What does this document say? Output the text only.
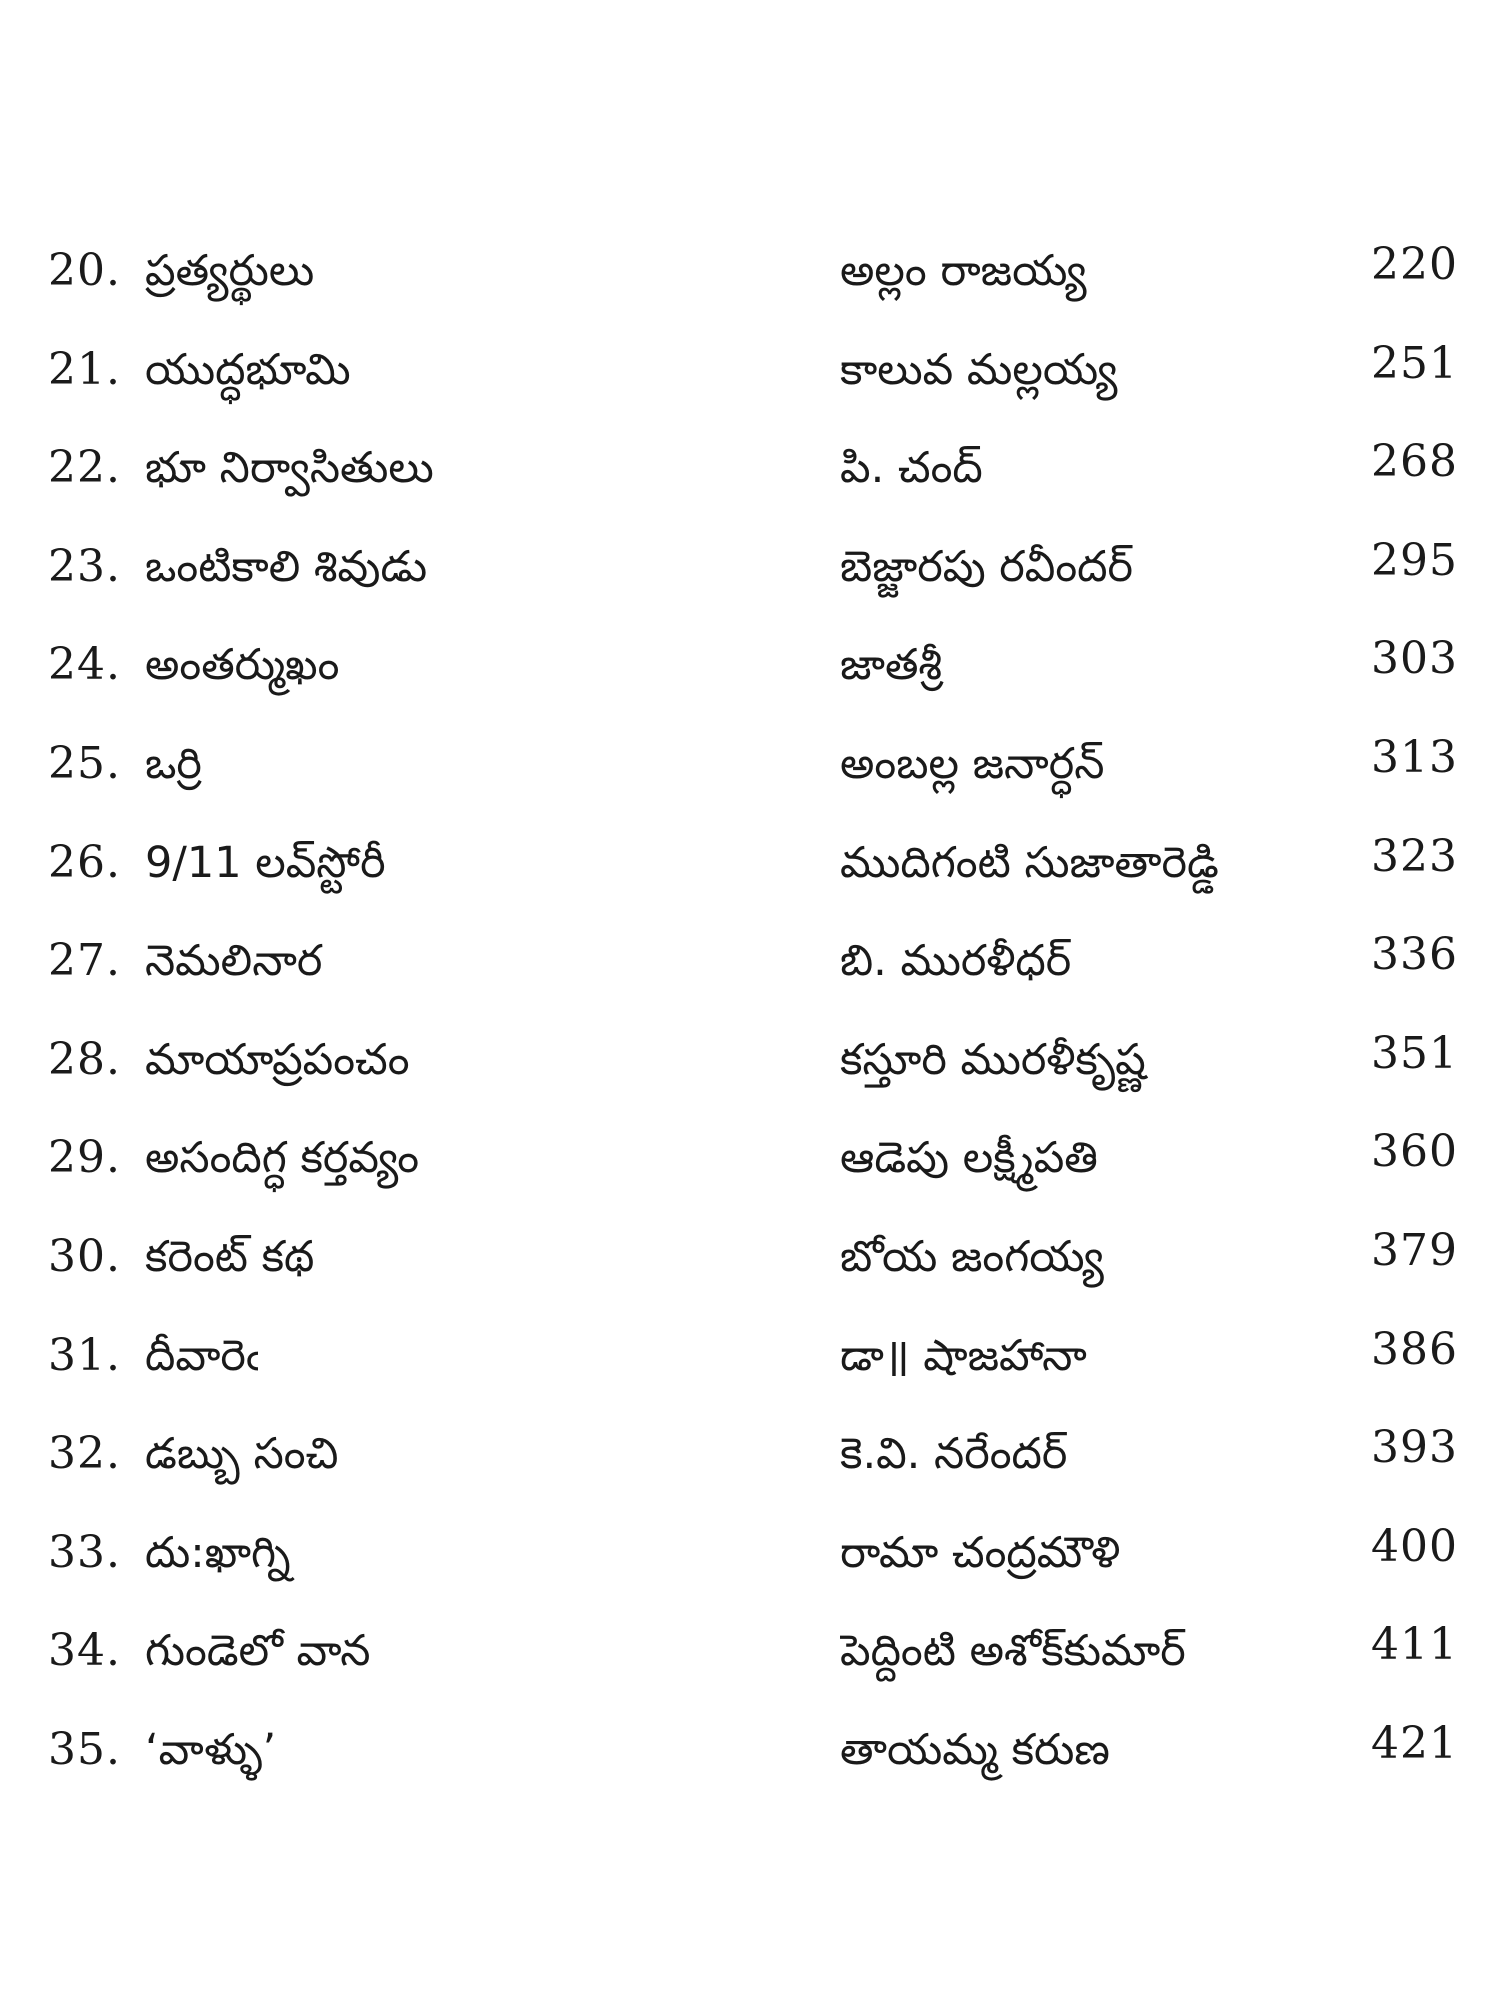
20. ప్రత్యర్థులు	అల్లం రాజయ్య	220
21. యుద్ధభూమి	కాలువ మల్లయ్య	251
22. భూ నిర్వాసితులు	పి. చంద్	268
23. ఒంటికాలి శివుడు	బెజ్జారపు రవీందర్	295
24. అంతర్ముఖం	జాతశ్రీ	303
25. ఒర్రి	అంబల్ల జనార్ధన్	313
26. 9/11 లవ్‌స్టోరీ	ముదిగంటి సుజాతారెడ్డి	323
27. నెమలినార	బి. మురళీధర్	336
28. మాయాప్రపంచం	కస్తూరి మురళీకృష్ణ	351
29. అసందిగ్ధ కర్తవ్యం	ఆడెపు లక్ష్మీపతి	360
30. కరెంట్ కథ	బోయ జంగయ్య	379
31. దీవారెఁ	డా॥ షాజహానా	386
32. డబ్బు సంచి	కె.వి. నరేందర్	393
33. దు:ఖాగ్ని	రామా చంద్రమౌళి	400
34. గుండెలో వాన	పెద్దింటి అశోక్‌కుమార్	411
35. ‘వాళ్ళు’	తాయమ్మ కరుణ	421
